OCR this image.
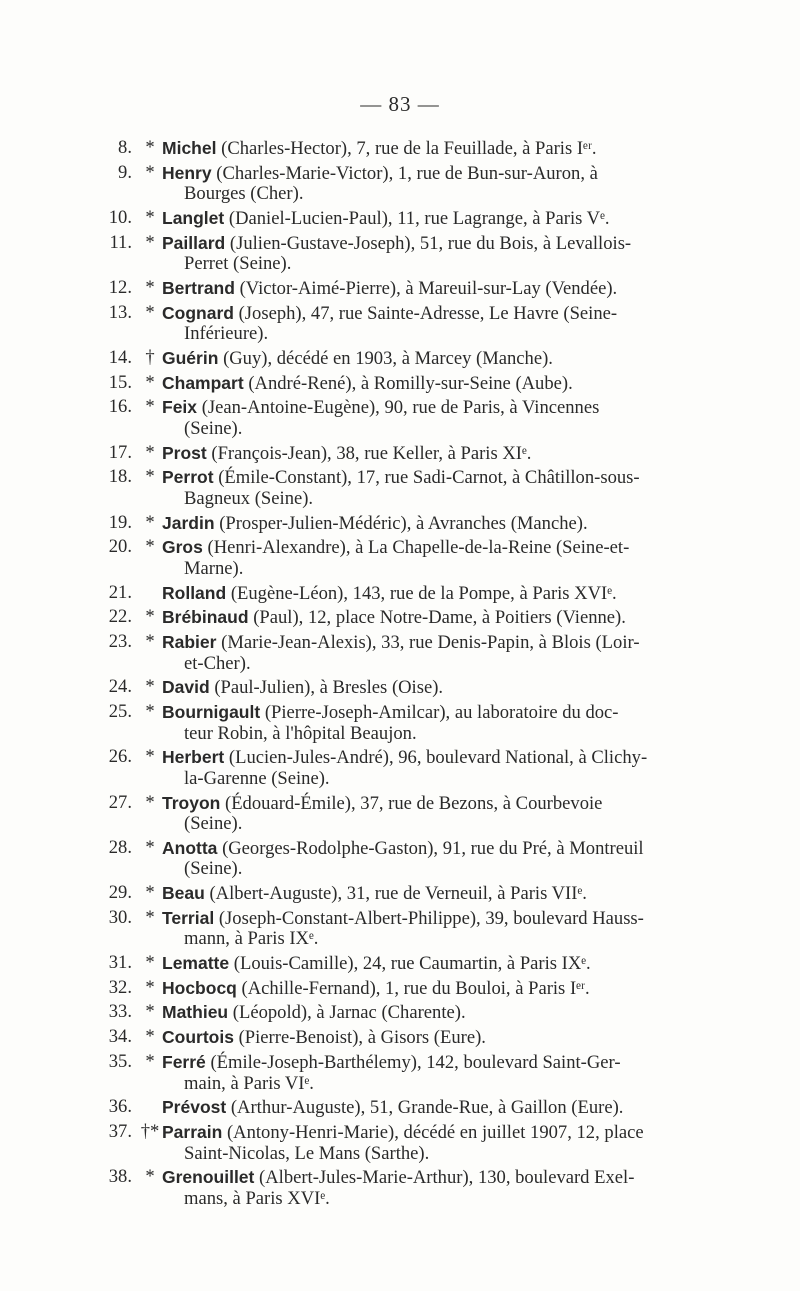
— 83 —
8. * Michel (Charles-Hector), 7, rue de la Feuillade, à Paris Iᵉʳ.
9. * Henry (Charles-Marie-Victor), 1, rue de Bun-sur-Auron, à
Bourges (Cher).
10. * Langlet (Daniel-Lucien-Paul), 11, rue Lagrange, à Paris Vᵉ.
11. * Paillard (Julien-Gustave-Joseph), 51, rue du Bois, à Levallois-
Perret (Seine).
12. * Bertrand (Victor-Aimé-Pierre), à Mareuil-sur-Lay (Vendée).
13. * Cognard (Joseph), 47, rue Sainte-Adresse, Le Havre (Seine-
Inférieure).
14. † Guérin (Guy), décédé en 1903, à Marcey (Manche).
15. * Champart (André-René), à Romilly-sur-Seine (Aube).
16. * Feix (Jean-Antoine-Eugène), 90, rue de Paris, à Vincennes
(Seine).
17. * Prost (François-Jean), 38, rue Keller, à Paris XIᵉ.
18. * Perrot (Émile-Constant), 17, rue Sadi-Carnot, à Châtillon-sous-
Bagneux (Seine).
19. * Jardin (Prosper-Julien-Médéric), à Avranches (Manche).
20. * Gros (Henri-Alexandre), à La Chapelle-de-la-Reine (Seine-et-
Marne).
21.	Rolland (Eugène-Léon), 143, rue de la Pompe, à Paris XVIᵉ.
22. * Brébinaud (Paul), 12, place Notre-Dame, à Poitiers (Vienne).
23. * Rabier (Marie-Jean-Alexis), 33, rue Denis-Papin, à Blois (Loir-
et-Cher).
24. * David (Paul-Julien), à Bresles (Oise).
25. * Bournigault (Pierre-Joseph-Amilcar), au laboratoire du doc-
teur Robin, à l'hôpital Beaujon.
26. * Herbert (Lucien-Jules-André), 96, boulevard National, à Clichy-
la-Garenne (Seine).
27. * Troyon (Édouard-Émile), 37, rue de Bezons, à Courbevoie
(Seine).
28. * Anotta (Georges-Rodolphe-Gaston), 91, rue du Pré, à Montreuil
(Seine).
29. * Beau (Albert-Auguste), 31, rue de Verneuil, à Paris VIIᵉ.
30. * Terrial (Joseph-Constant-Albert-Philippe), 39, boulevard Hauss-
mann, à Paris IXᵉ.
31. * Lematte (Louis-Camille), 24, rue Caumartin, à Paris IXᵉ.
32. * Hocbocq (Achille-Fernand), 1, rue du Bouloi, à Paris Iᵉʳ.
33. * Mathieu (Léopold), à Jarnac (Charente).
34. * Courtois (Pierre-Benoist), à Gisors (Eure).
35. * Ferré (Émile-Joseph-Barthélemy), 142, boulevard Saint-Ger-
main, à Paris VIᵉ.
36.	Prévost (Arthur-Auguste), 51, Grande-Rue, à Gaillon (Eure).
37. †* Parrain (Antony-Henri-Marie), décédé en juillet 1907, 12, place
Saint-Nicolas, Le Mans (Sarthe).
38. * Grenouillet (Albert-Jules-Marie-Arthur), 130, boulevard Exel-
mans, à Paris XVIᵉ.
